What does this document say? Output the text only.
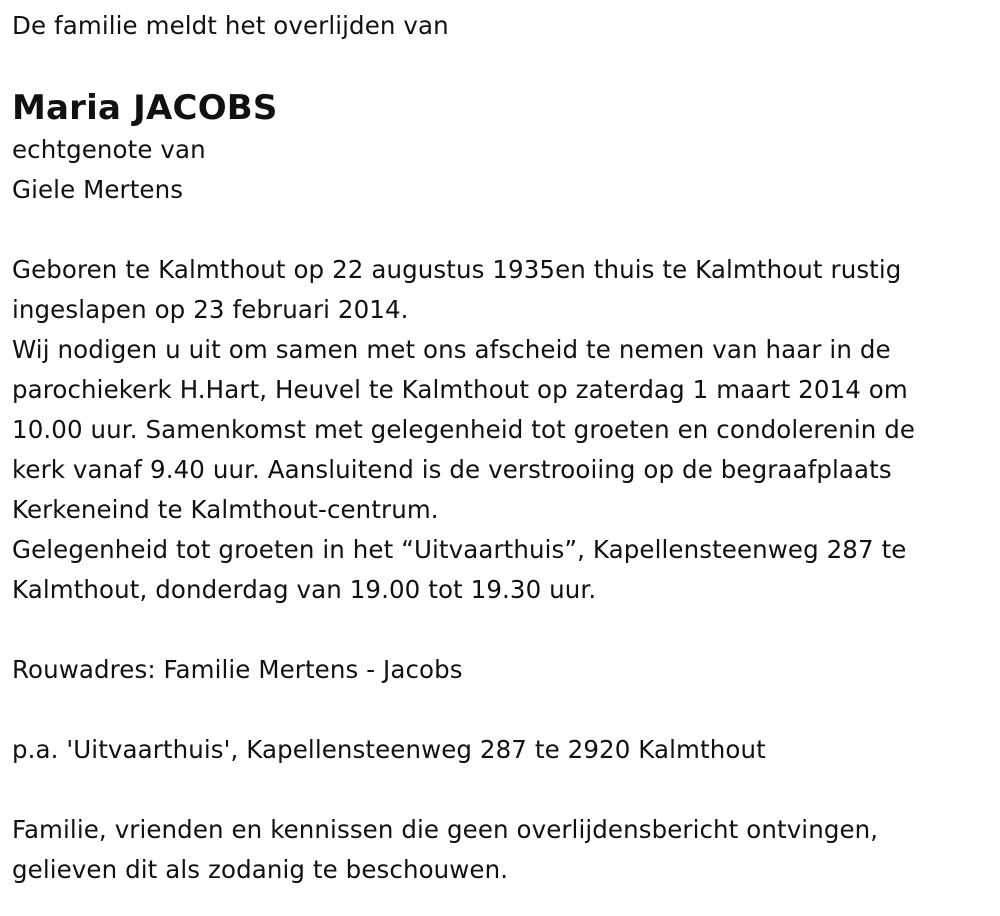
De familie meldt het overlijden van
Maria JACOBS
echtgenote van
Giele Mertens
Geboren te Kalmthout op 22 augustus 1935en thuis te Kalmthout rustig
ingeslapen op 23 februari 2014.
Wij nodigen u uit om samen met ons afscheid te nemen van haar in de
parochiekerk H.Hart, Heuvel te Kalmthout op zaterdag 1 maart 2014 om
10.00 uur. Samenkomst met gelegenheid tot groeten en condolerenin de
kerk vanaf 9.40 uur. Aansluitend is de verstrooiing op de begraafplaats
Kerkeneind te Kalmthout-centrum.
Gelegenheid tot groeten in het “Uitvaarthuis”, Kapellensteenweg 287 te
Kalmthout, donderdag van 19.00 tot 19.30 uur.
Rouwadres: Familie Mertens - Jacobs
p.a. 'Uitvaarthuis', Kapellensteenweg 287 te 2920 Kalmthout
Familie, vrienden en kennissen die geen overlijdensbericht ontvingen,
gelieven dit als zodanig te beschouwen.
